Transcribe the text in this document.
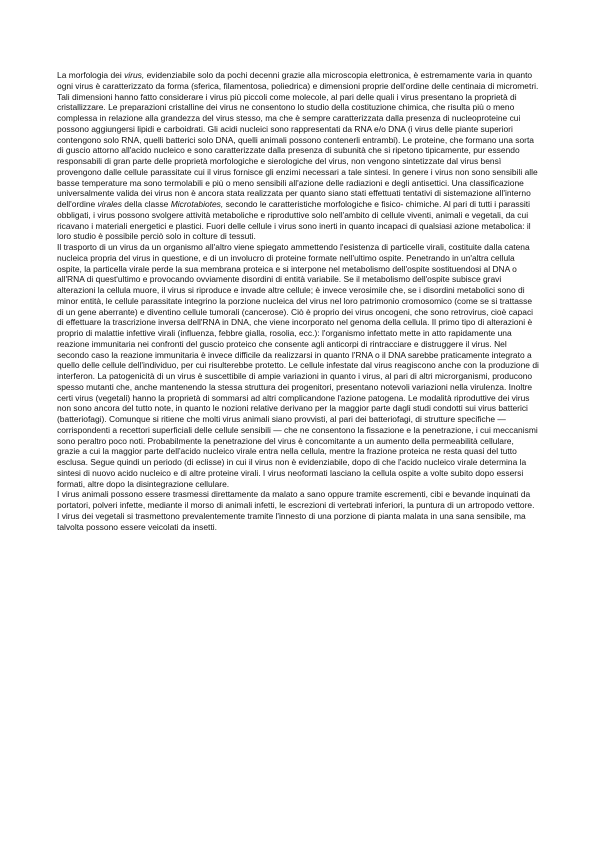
La morfologia dei virus, evidenziabile solo da pochi decenni grazie alla microscopia elettronica, è estremamente varia in quanto ogni virus è caratterizzato da forma (sferica, filamentosa, poliedrica) e dimensioni proprie dell'ordine delle centinaia di micrometri. Tali dimensioni hanno fatto considerare i virus più piccoli come molecole, al pari delle quali i virus presentano la proprietà di cristallizzare. Le preparazioni cristalline dei virus ne consentono lo studio della costituzione chimica, che risulta più o meno complessa in relazione alla grandezza del virus stesso, ma che è sempre caratterizzata dalla presenza di nucleoproteine cui possono aggiungersi lipidi e carboidrati. Gli acidi nucleici sono rappresentati da RNA e/o DNA (i virus delle piante superiori contengono solo RNA, quelli batterici solo DNA, quelli animali possono contenerli entrambi). Le proteine, che formano una sorta di guscio attorno all'acido nucleico e sono caratterizzate dalla presenza di subunità che si ripetono tipicamente, pur essendo responsabili di gran parte delle proprietà morfologiche e sierologiche del virus, non vengono sintetizzate dal virus bensì provengono dalle cellule parassitate cui il virus fornisce gli enzimi necessari a tale sintesi. In genere i virus non sono sensibili alle basse temperature ma sono termolabili e più o meno sensibili all'azione delle radiazioni e degli antisettici. Una classificazione universalmente valida dei virus non è ancora stata realizzata per quanto siano stati effettuati tentativi di sistemazione all'interno dell'ordine virales della classe Microtabiotes, secondo le caratteristiche morfologiche e fisico- chimiche. Al pari di tutti i parassiti obbligati, i virus possono svolgere attività metaboliche e riproduttive solo nell'ambito di cellule viventi, animali e vegetali, da cui ricavano i materiali energetici e plastici. Fuori delle cellule i virus sono inerti in quanto incapaci di qualsiasi azione metabolica: il loro studio è possibile perciò solo in colture di tessuti.

Il trasporto di un virus da un organismo all'altro viene spiegato ammettendo l'esistenza di particelle virali, costituite dalla catena nucleica propria del virus in questione, e di un involucro di proteine formate nell'ultimo ospite. Penetrando in un'altra cellula ospite, la particella virale perde la sua membrana proteica e si interpone nel metabolismo dell'ospite sostituendosi al DNA o all'RNA di quest'ultimo e provocando ovviamente disordini di entità variabile. Se il metabolismo dell'ospite subisce gravi alterazioni la cellula muore, il virus si riproduce e invade altre cellule; è invece verosimile che, se i disordini metabolici sono di minor entità, le cellule parassitate integrino la porzione nucleica del virus nel loro patrimonio cromosomico (come se si trattasse di un gene aberrante) e diventino cellule tumorali (cancerose). Ciò è proprio dei virus oncogeni, che sono retrovirus, cioè capaci di effettuare la trascrizione inversa dell'RNA in DNA, che viene incorporato nel genoma della cellula. Il primo tipo di alterazioni è proprio di malattie infettive virali (influenza, febbre gialla, rosolia, ecc.): l'organismo infettato mette in atto rapidamente una reazione immunitaria nei confronti del guscio proteico che consente agli anticorpi di rintracciare e distruggere il virus. Nel secondo caso la reazione immunitaria è invece difficile da realizzarsi in quanto l'RNA o il DNA sarebbe praticamente integrato a quello delle cellule dell'individuo, per cui risulterebbe protetto. Le cellule infestate dal virus reagiscono anche con la produzione di interferon. La patogenicità di un virus è suscettibile di ampie variazioni in quanto i virus, al pari di altri microrganismi, producono spesso mutanti che, anche mantenendo la stessa struttura dei progenitori, presentano notevoli variazioni nella virulenza. Inoltre certi virus (vegetali) hanno la proprietà di sommarsi ad altri complicandone l'azione patogena. Le modalità riproduttive dei virus non sono ancora del tutto note, in quanto le nozioni relative derivano per la maggior parte dagli studi condotti sui virus batterici (batteriofagi). Comunque si ritiene che molti virus animali siano provvisti, al pari dei batteriofagi, di strutture specifiche — corrispondenti a recettori superficiali delle cellule sensibili — che ne consentono la fissazione e la penetrazione, i cui meccanismi sono peraltro poco noti. Probabilmente la penetrazione del virus è concomitante a un aumento della permeabilità cellulare, grazie a cui la maggior parte dell'acido nucleico virale entra nella cellula, mentre la frazione proteica ne resta quasi del tutto esclusa. Segue quindi un periodo (di eclisse) in cui il virus non è evidenziabile, dopo di che l'acido nucleico virale determina la sintesi di nuovo acido nucleico e di altre proteine virali. I virus neoformati lasciano la cellula ospite a volte subito dopo essersi formati, altre dopo la disintegrazione cellulare.

I virus animali possono essere trasmessi direttamente da malato a sano oppure tramite escrementi, cibi e bevande inquinati da portatori, polveri infette, mediante il morso di animali infetti, le escrezioni di vertebrati inferiori, la puntura di un artropodo vettore. I virus dei vegetali si trasmettono prevalentemente tramite l'innesto di una porzione di pianta malata in una sana sensibile, ma talvolta possono essere veicolati da insetti.
